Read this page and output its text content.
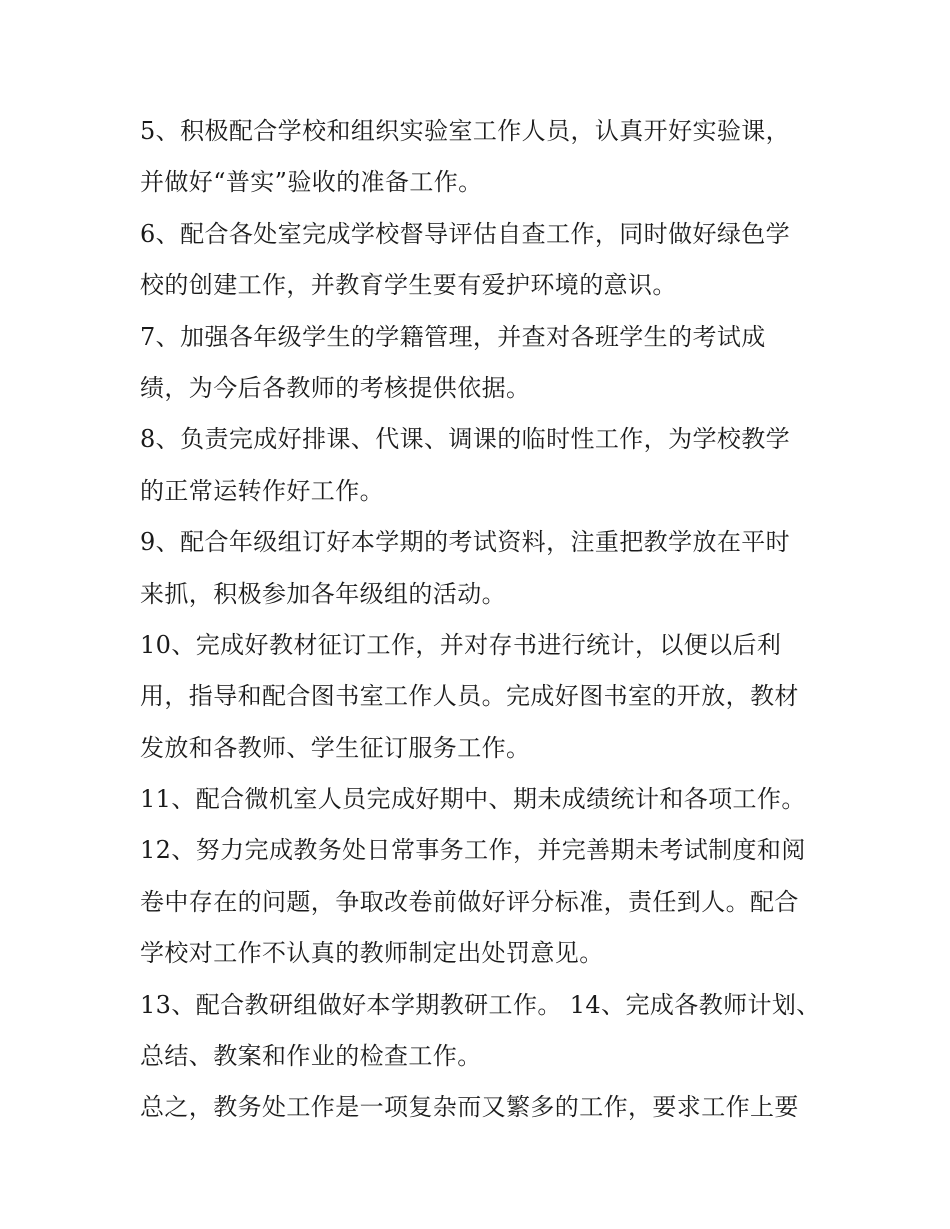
5、积极配合学校和组织实验室工作人员，认真开好实验课，
并做好“普实”验收的准备工作。
6、配合各处室完成学校督导评估自查工作，同时做好绿色学
校的创建工作，并教育学生要有爱护环境的意识。
7、加强各年级学生的学籍管理，并查对各班学生的考试成
绩，为今后各教师的考核提供依据。
8、负责完成好排课、代课、调课的临时性工作，为学校教学
的正常运转作好工作。
9、配合年级组订好本学期的考试资料，注重把教学放在平时
来抓，积极参加各年级组的活动。
10、完成好教材征订工作，并对存书进行统计，以便以后利
用，指导和配合图书室工作人员。完成好图书室的开放，教材
发放和各教师、学生征订服务工作。
11、配合微机室人员完成好期中、期未成绩统计和各项工作。
12、努力完成教务处日常事务工作，并完善期未考试制度和阅
卷中存在的问题，争取改卷前做好评分标准，责任到人。配合
学校对工作不认真的教师制定出处罚意见。
13、配合教研组做好本学期教研工作。 14、完成各教师计划、
总结、教案和作业的检查工作。
总之，教务处工作是一项复杂而又繁多的工作，要求工作上要
